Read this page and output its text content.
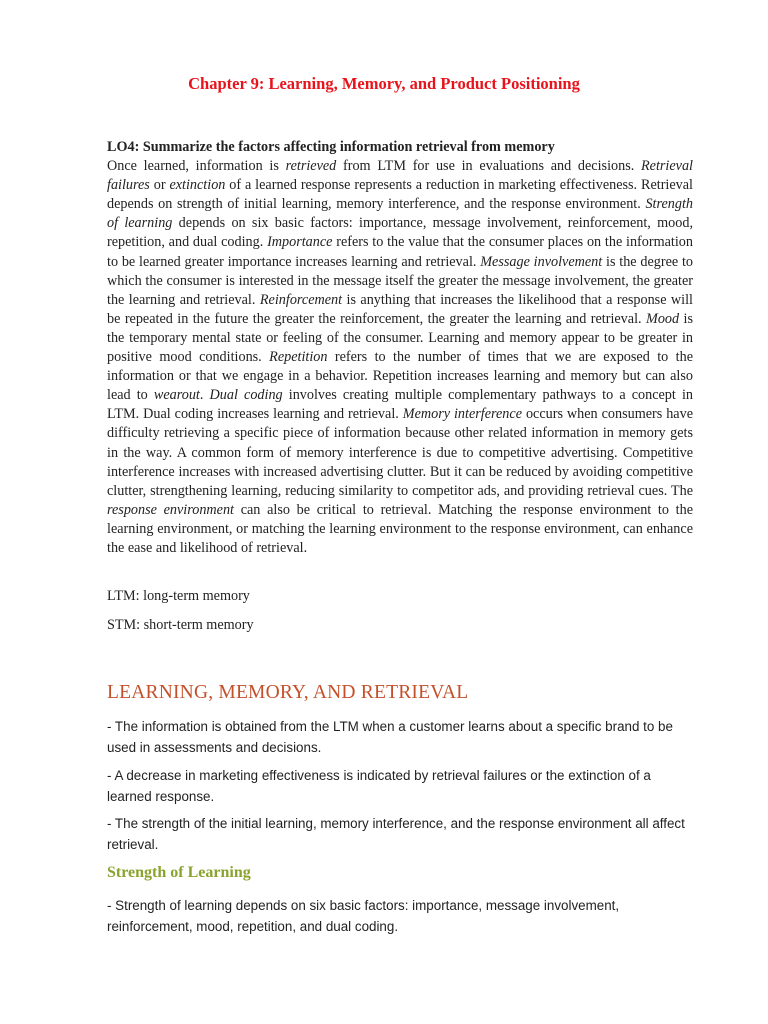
Chapter 9: Learning, Memory, and Product Positioning
LO4: Summarize the factors affecting information retrieval from memory
Once learned, information is retrieved from LTM for use in evaluations and decisions. Retrieval failures or extinction of a learned response represents a reduction in marketing effectiveness. Retrieval depends on strength of initial learning, memory interference, and the response environment. Strength of learning depends on six basic factors: importance, message involvement, reinforcement, mood, repetition, and dual coding. Importance refers to the value that the consumer places on the information to be learned greater importance increases learning and retrieval. Message involvement is the degree to which the consumer is interested in the message itself the greater the message involvement, the greater the learning and retrieval. Reinforcement is anything that increases the likelihood that a response will be repeated in the future the greater the reinforcement, the greater the learning and retrieval. Mood is the temporary mental state or feeling of the consumer. Learning and memory appear to be greater in positive mood conditions. Repetition refers to the number of times that we are exposed to the information or that we engage in a behavior. Repetition increases learning and memory but can also lead to wearout. Dual coding involves creating multiple complementary pathways to a concept in LTM. Dual coding increases learning and retrieval. Memory interference occurs when consumers have difficulty retrieving a specific piece of information because other related information in memory gets in the way. A common form of memory interference is due to competitive advertising. Competitive interference increases with increased advertising clutter. But it can be reduced by avoiding competitive clutter, strengthening learning, reducing similarity to competitor ads, and providing retrieval cues. The response environment can also be critical to retrieval. Matching the response environment to the learning environment, or matching the learning environment to the response environment, can enhance the ease and likelihood of retrieval.
LTM: long-term memory
STM: short-term memory
LEARNING, MEMORY, AND RETRIEVAL
- The information is obtained from the LTM when a customer learns about a specific brand to be used in assessments and decisions.
- A decrease in marketing effectiveness is indicated by retrieval failures or the extinction of a learned response.
- The strength of the initial learning, memory interference, and the response environment all affect retrieval.
Strength of Learning
- Strength of learning depends on six basic factors: importance, message involvement, reinforcement, mood, repetition, and dual coding.
